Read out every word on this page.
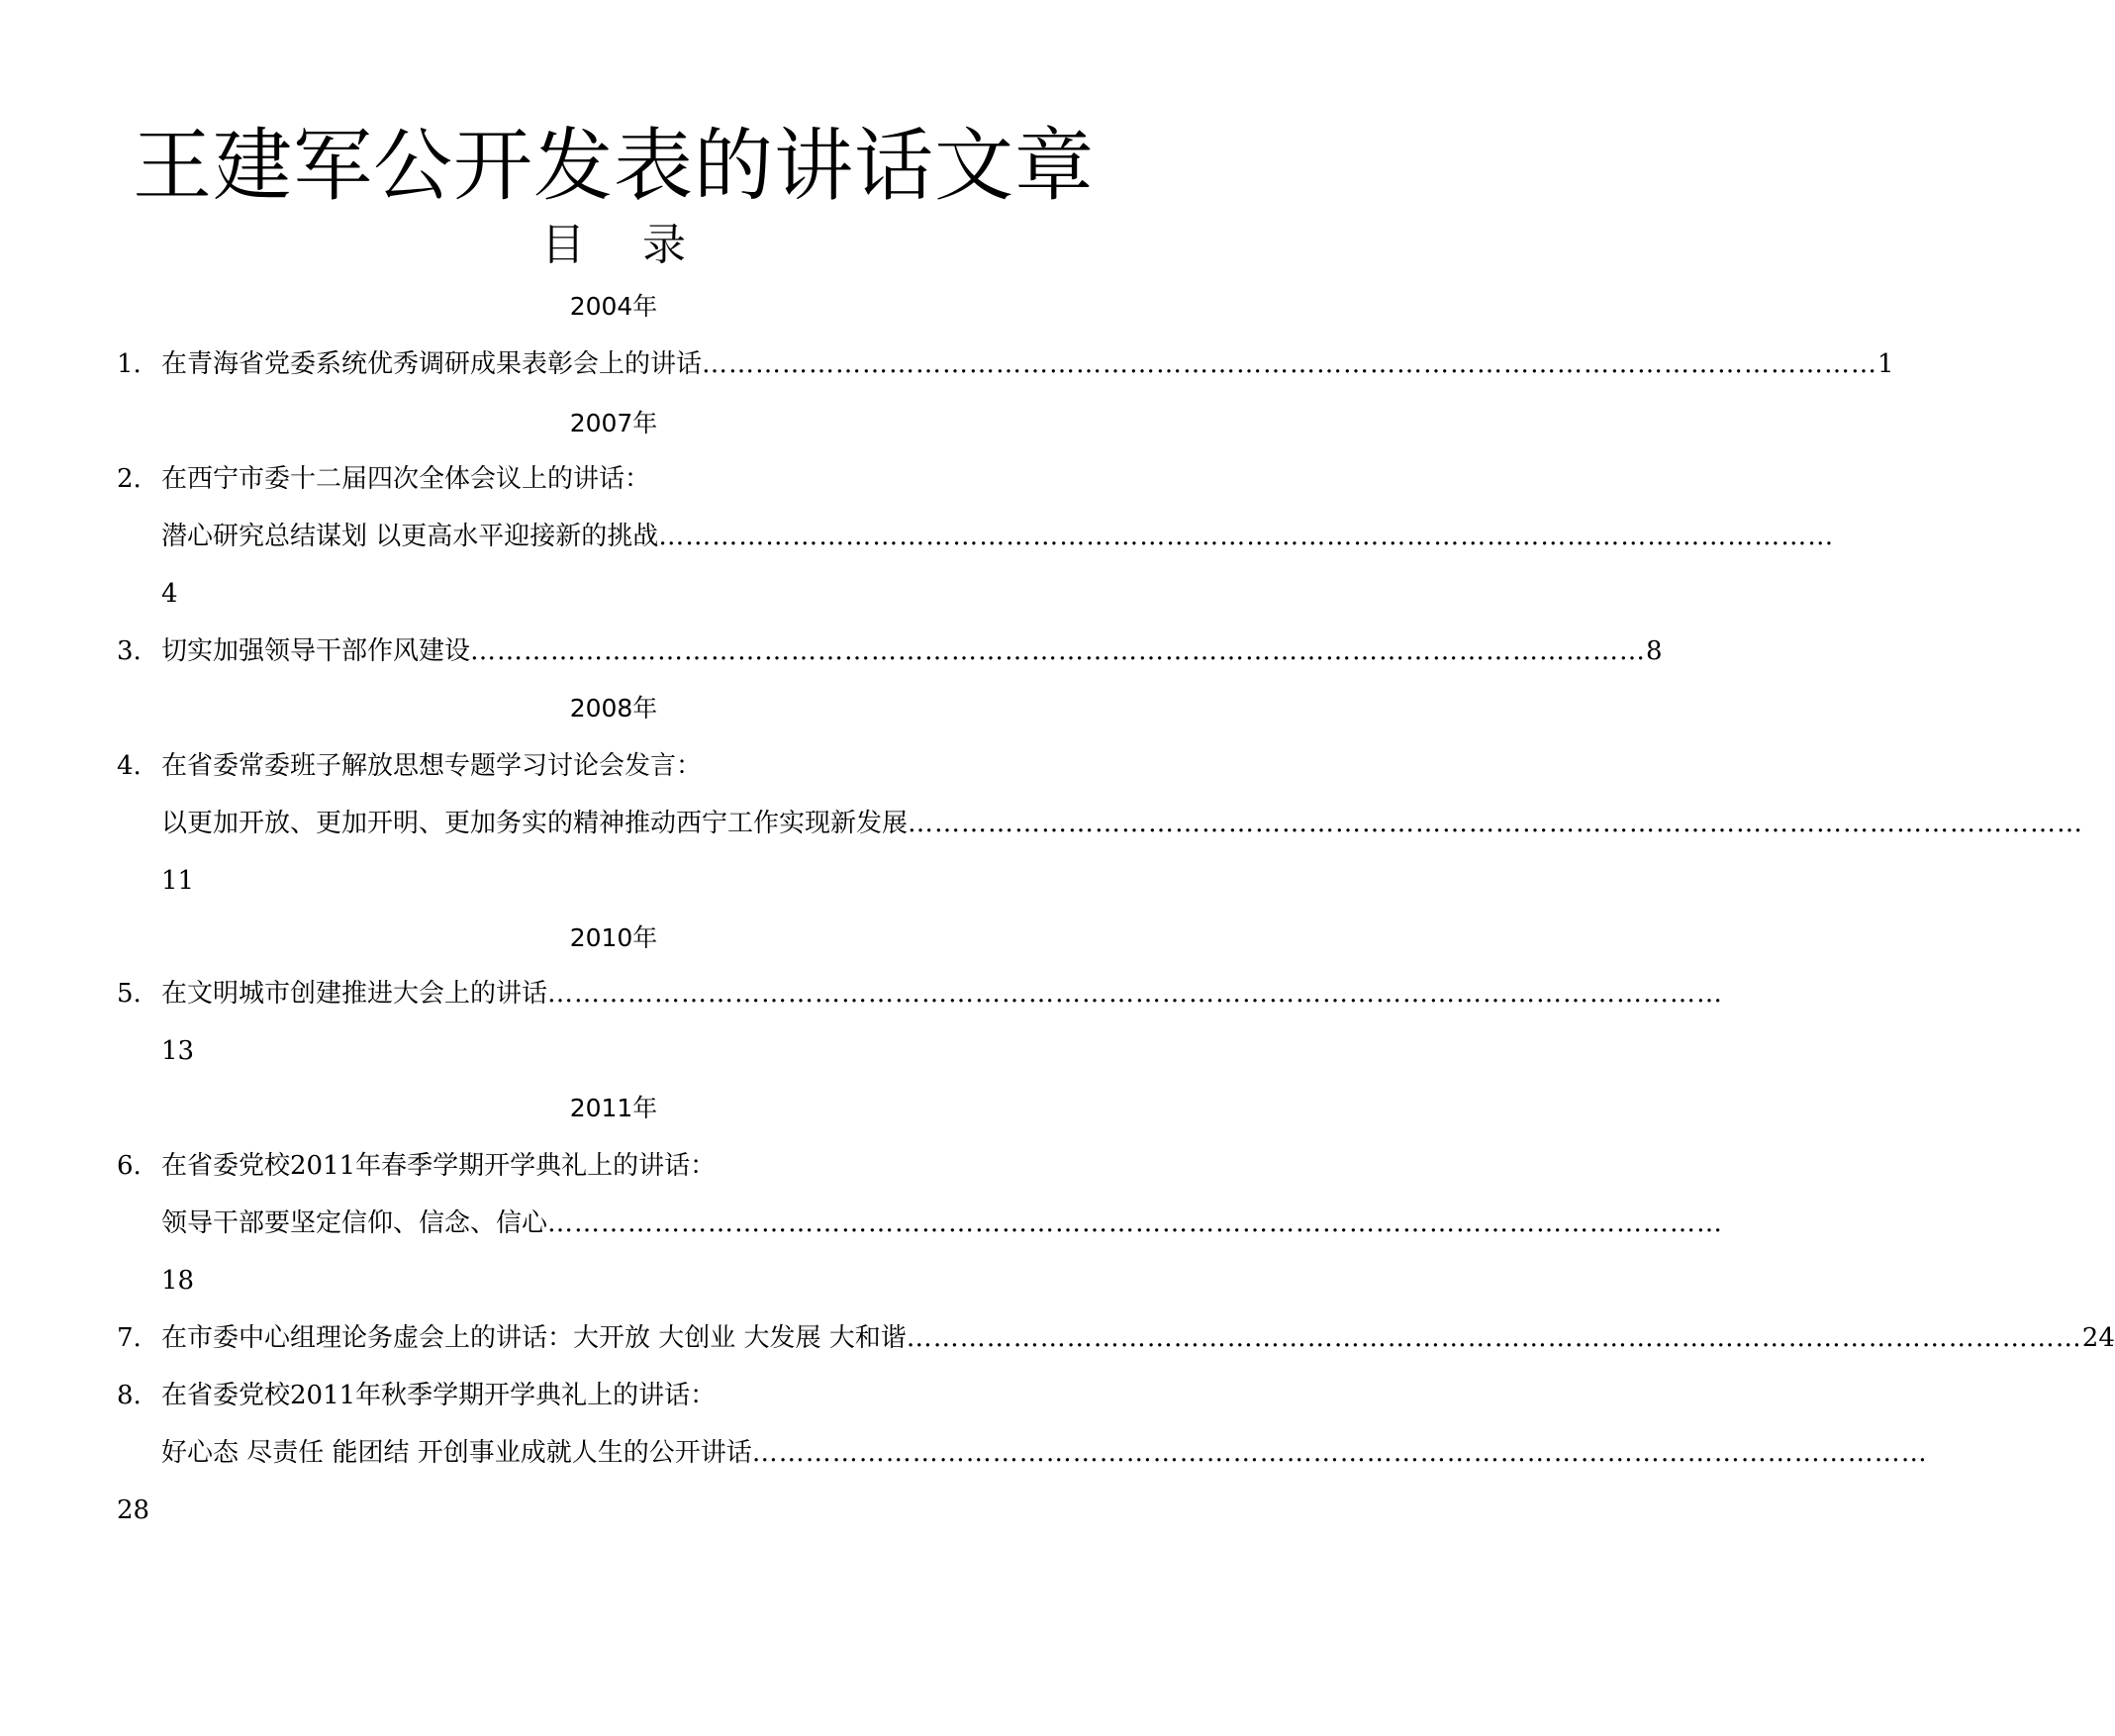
王建军公开发表的讲话文章
目 录
2004年
1. 在青海省党委系统优秀调研成果表彰会上的讲话 …………………………………………………………………………………………………………………… 1
2007年
2. 在西宁市委十二届四次全体会议上的讲话：
潜心研究总结谋划 以更高水平迎接新的挑战 ……………………………………………………………………………………………………………………
4
3. 切实加强领导干部作风建设 …………………………………………………………………………………………………………………… 8
2008年
4. 在省委常委班子解放思想专题学习讨论会发言：
以更加开放、更加开明、更加务实的精神推动西宁工作实现新发展 ……………………………………………………………………………………………………………………
11
2010年
5. 在文明城市创建推进大会上的讲话 ……………………………………………………………………………………………………………………
13
2011年
6. 在省委党校2011年春季学期开学典礼上的讲话：
领导干部要坚定信仰、信念、信心 ……………………………………………………………………………………………………………………
18
7. 在市委中心组理论务虚会上的讲话：大开放 大创业 大发展 大和谐 …………………………………………………………………………………………………………………… 24
8. 在省委党校2011年秋季学期开学典礼上的讲话：
好心态 尽责任 能团结 开创事业成就人生的公开讲话 ……………………………………………………………………………………………………………………
28
